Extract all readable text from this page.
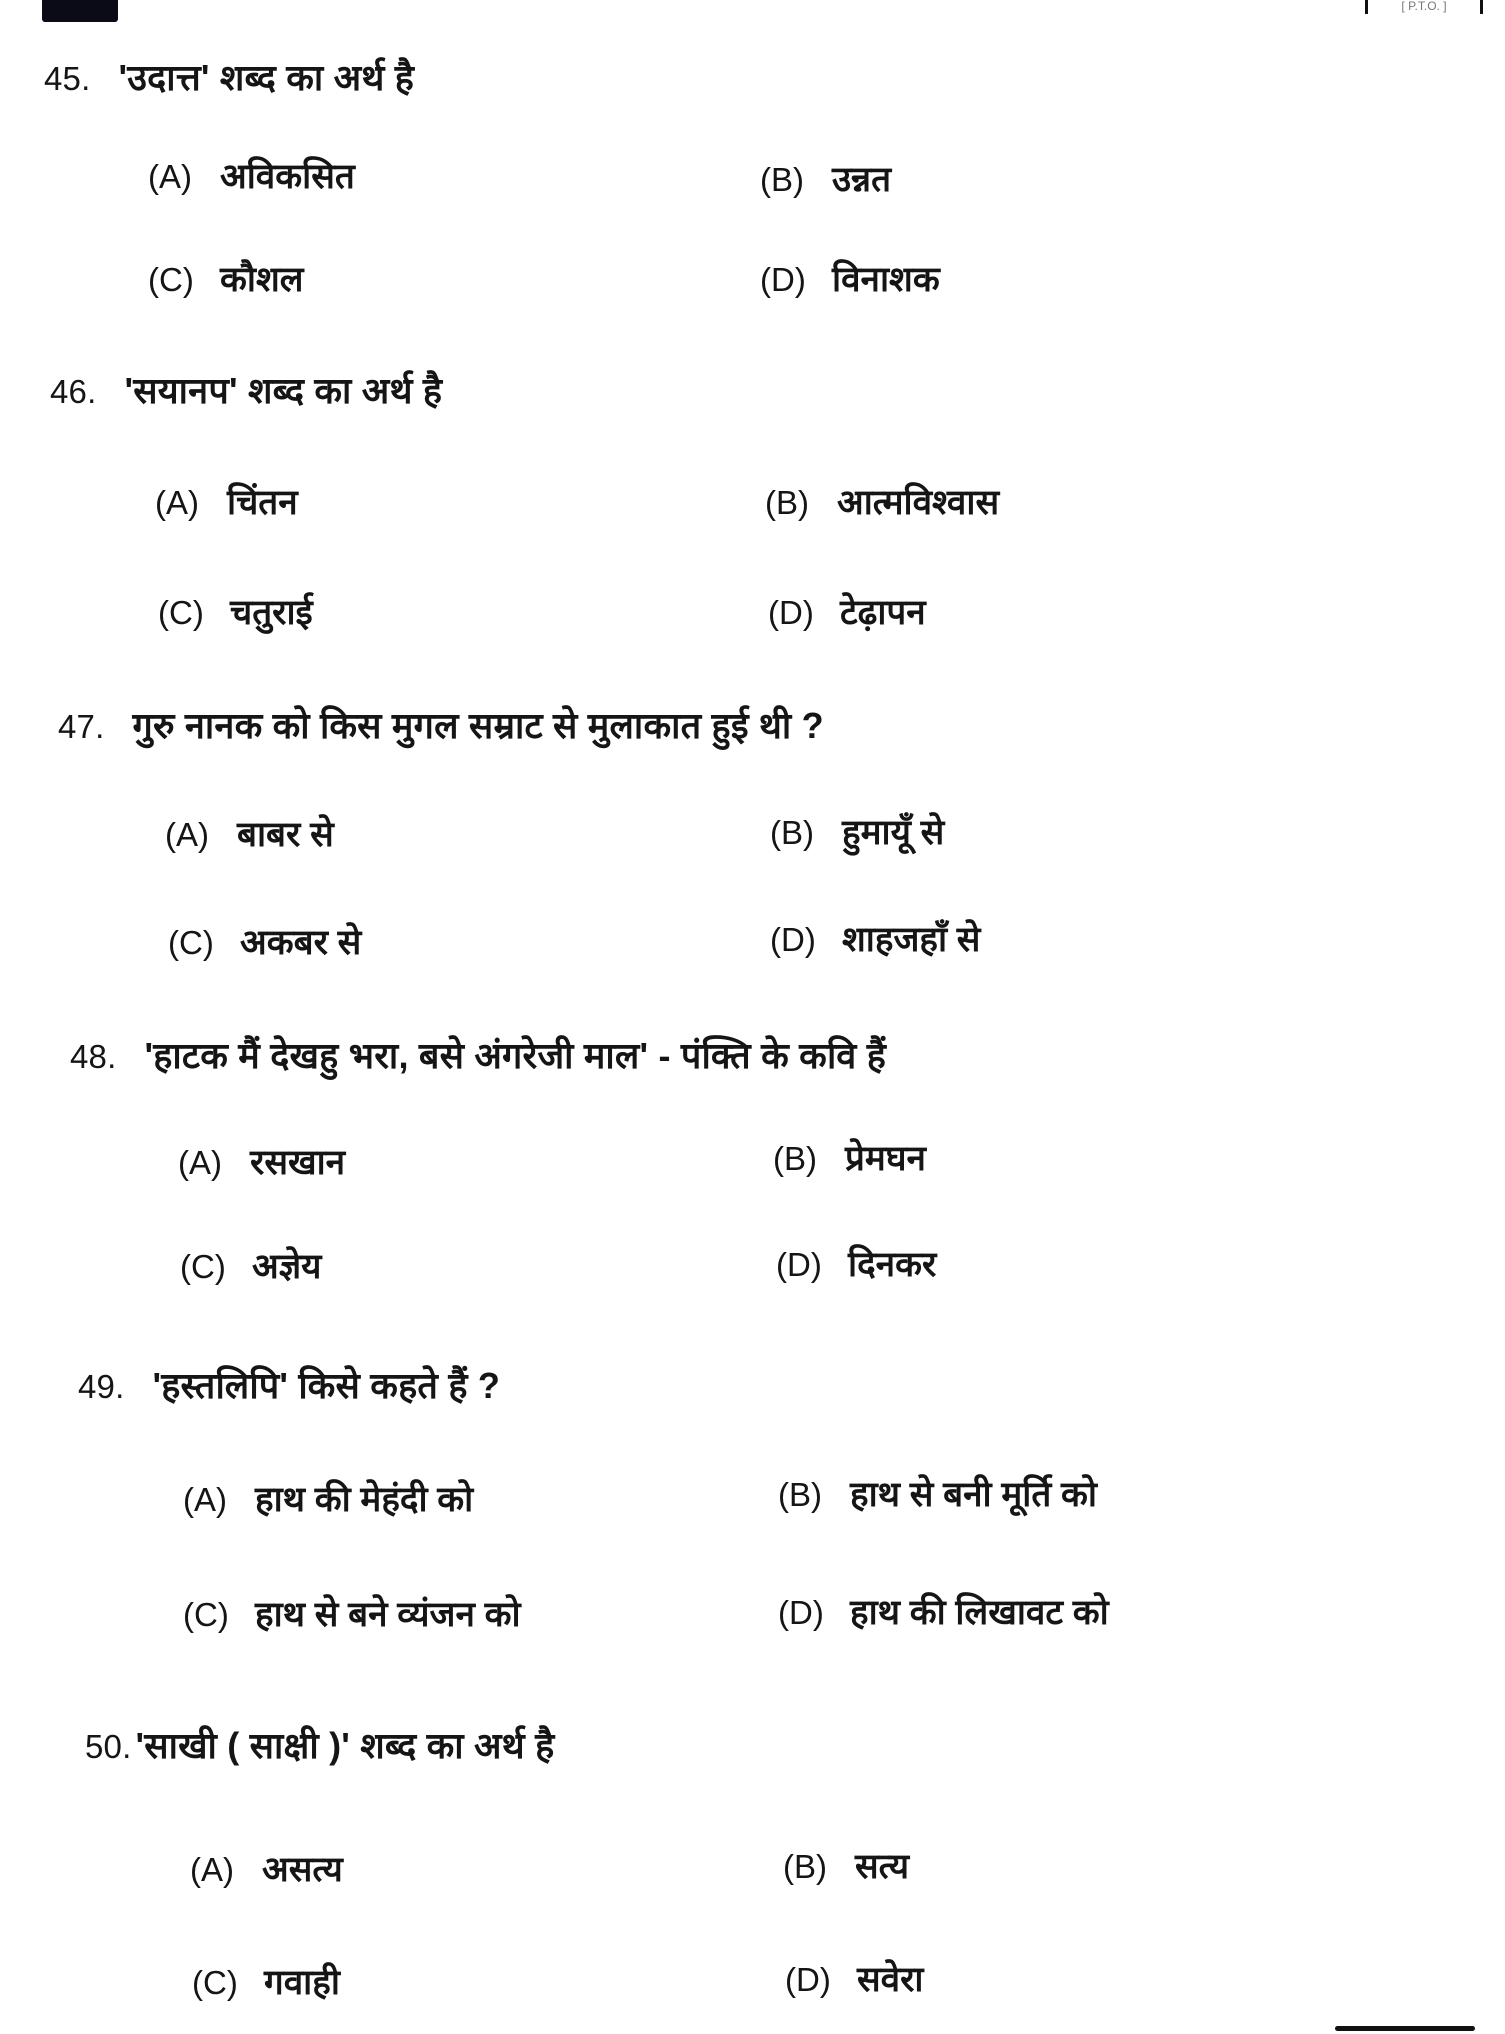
[ P.T.O. ]
45. 'उदात्त' शब्द का अर्थ है
(A) अविकसित	(B) उन्नत
(C) कौशल	(D) विनाशक
46. 'सयानप' शब्द का अर्थ है
(A) चिंतन	(B) आत्मविश्वास
(C) चतुराई	(D) टेढ़ापन
47. गुरु नानक को किस मुगल सम्राट से मुलाकात हुई थी ?
(A) बाबर से	(B) हुमायूँ से
(C) अकबर से	(D) शाहजहाँ से
48. 'हाटक मैं देखहु भरा, बसे अंगरेजी माल' - पंक्ति के कवि हैं
(A) रसखान	(B) प्रेमघन
(C) अज्ञेय	(D) दिनकर
49. 'हस्तलिपि' किसे कहते हैं ?
(A) हाथ की मेहंदी को	(B) हाथ से बनी मूर्ति को
(C) हाथ से बने व्यंजन को	(D) हाथ की लिखावट को
50. 'साखी ( साक्षी )' शब्द का अर्थ है
(A) असत्य	(B) सत्य
(C) गवाही	(D) सवेरा
